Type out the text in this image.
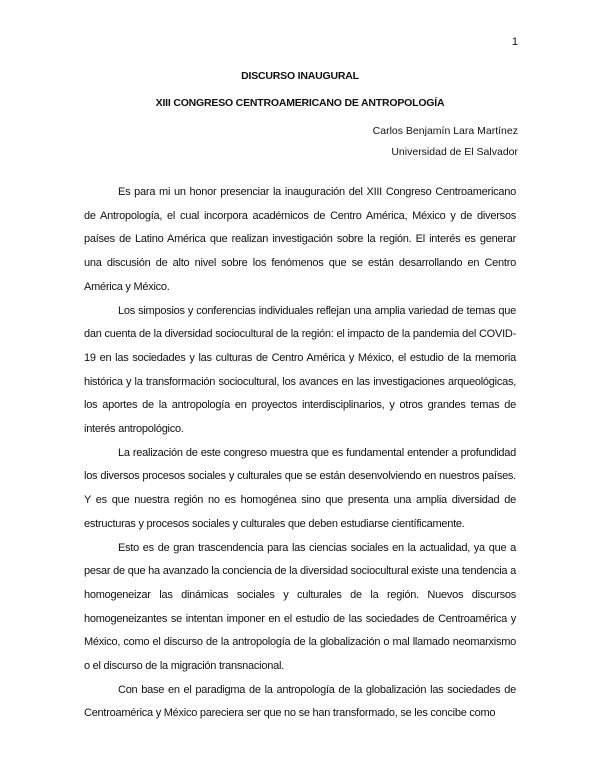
1
DISCURSO INAUGURAL
XIII CONGRESO CENTROAMERICANO DE ANTROPOLOGÍA
Carlos Benjamín Lara Martínez
Universidad de El Salvador

Es para mi un honor presenciar la inauguración del XIII Congreso Centroamericano de Antropología, el cual incorpora académicos de Centro América, México y de diversos países de Latino América que realizan investigación sobre la región. El interés es generar una discusión de alto nivel sobre los fenómenos que se están desarrollando en Centro América y México.

Los simposios y conferencias individuales reflejan una amplia variedad de temas que dan cuenta de la diversidad sociocultural de la región: el impacto de la pandemia del COVID-19 en las sociedades y las culturas de Centro América y México, el estudio de la memoria histórica y la transformación sociocultural, los avances en las investigaciones arqueológicas, los aportes de la antropología en proyectos interdisciplinarios, y otros grandes temas de interés antropológico.

La realización de este congreso muestra que es fundamental entender a profundidad los diversos procesos sociales y culturales que se están desenvolviendo en nuestros países. Y es que nuestra región no es homogénea sino que presenta una amplia diversidad de estructuras y procesos sociales y culturales que deben estudiarse científicamente.

Esto es de gran trascendencia para las ciencias sociales en la actualidad, ya que a pesar de que ha avanzado la conciencia de la diversidad sociocultural existe una tendencia a homogeneizar las dinámicas sociales y culturales de la región. Nuevos discursos homogeneizantes se intentan imponer en el estudio de las sociedades de Centroamérica y México, como el discurso de la antropología de la globalización o mal llamado neomarxismo o el discurso de la migración transnacional.

Con base en el paradigma de la antropología de la globalización las sociedades de Centroamérica y México pareciera ser que no se han transformado, se les concibe como
